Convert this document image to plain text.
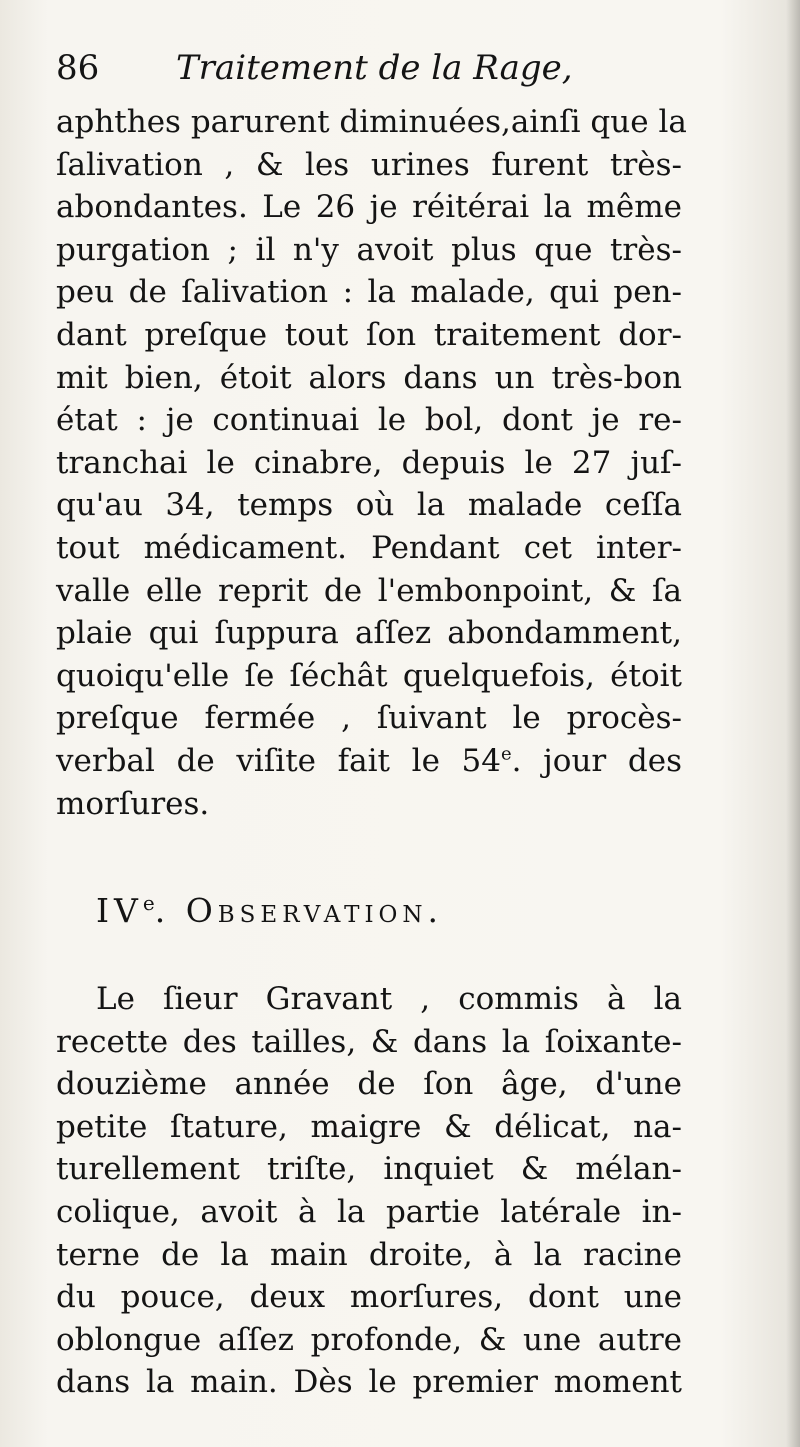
86 Traitement de la Rage,
aphthes parurent diminuées,ainſi que la
ſalivation , & les urines furent très-
abondantes. Le 26 je réitérai la même
purgation ; il n'y avoit plus que très-
peu de ſalivation : la malade, qui pen-
dant preſque tout ſon traitement dor-
mit bien, étoit alors dans un très-bon
état : je continuai le bol, dont je re-
tranchai le cinabre, depuis le 27 juſ-
qu'au 34, temps où la malade ceſſa
tout médicament. Pendant cet inter-
valle elle reprit de l'embonpoint, & ſa
plaie qui ſuppura aſſez abondamment,
quoiqu'elle ſe ſéchât quelquefois, étoit
preſque fermée , ſuivant le procès-
verbal de viſite fait le 54e. jour des
morſures.
IVe. Observation.
Le ſieur Gravant , commis à la
recette des tailles, & dans la ſoixante-
douzième année de ſon âge, d'une
petite ſtature, maigre & délicat, na-
turellement triſte, inquiet & mélan-
colique, avoit à la partie latérale in-
terne de la main droite, à la racine
du pouce, deux morſures, dont une
oblongue aſſez profonde, & une autre
dans la main. Dès le premier moment
